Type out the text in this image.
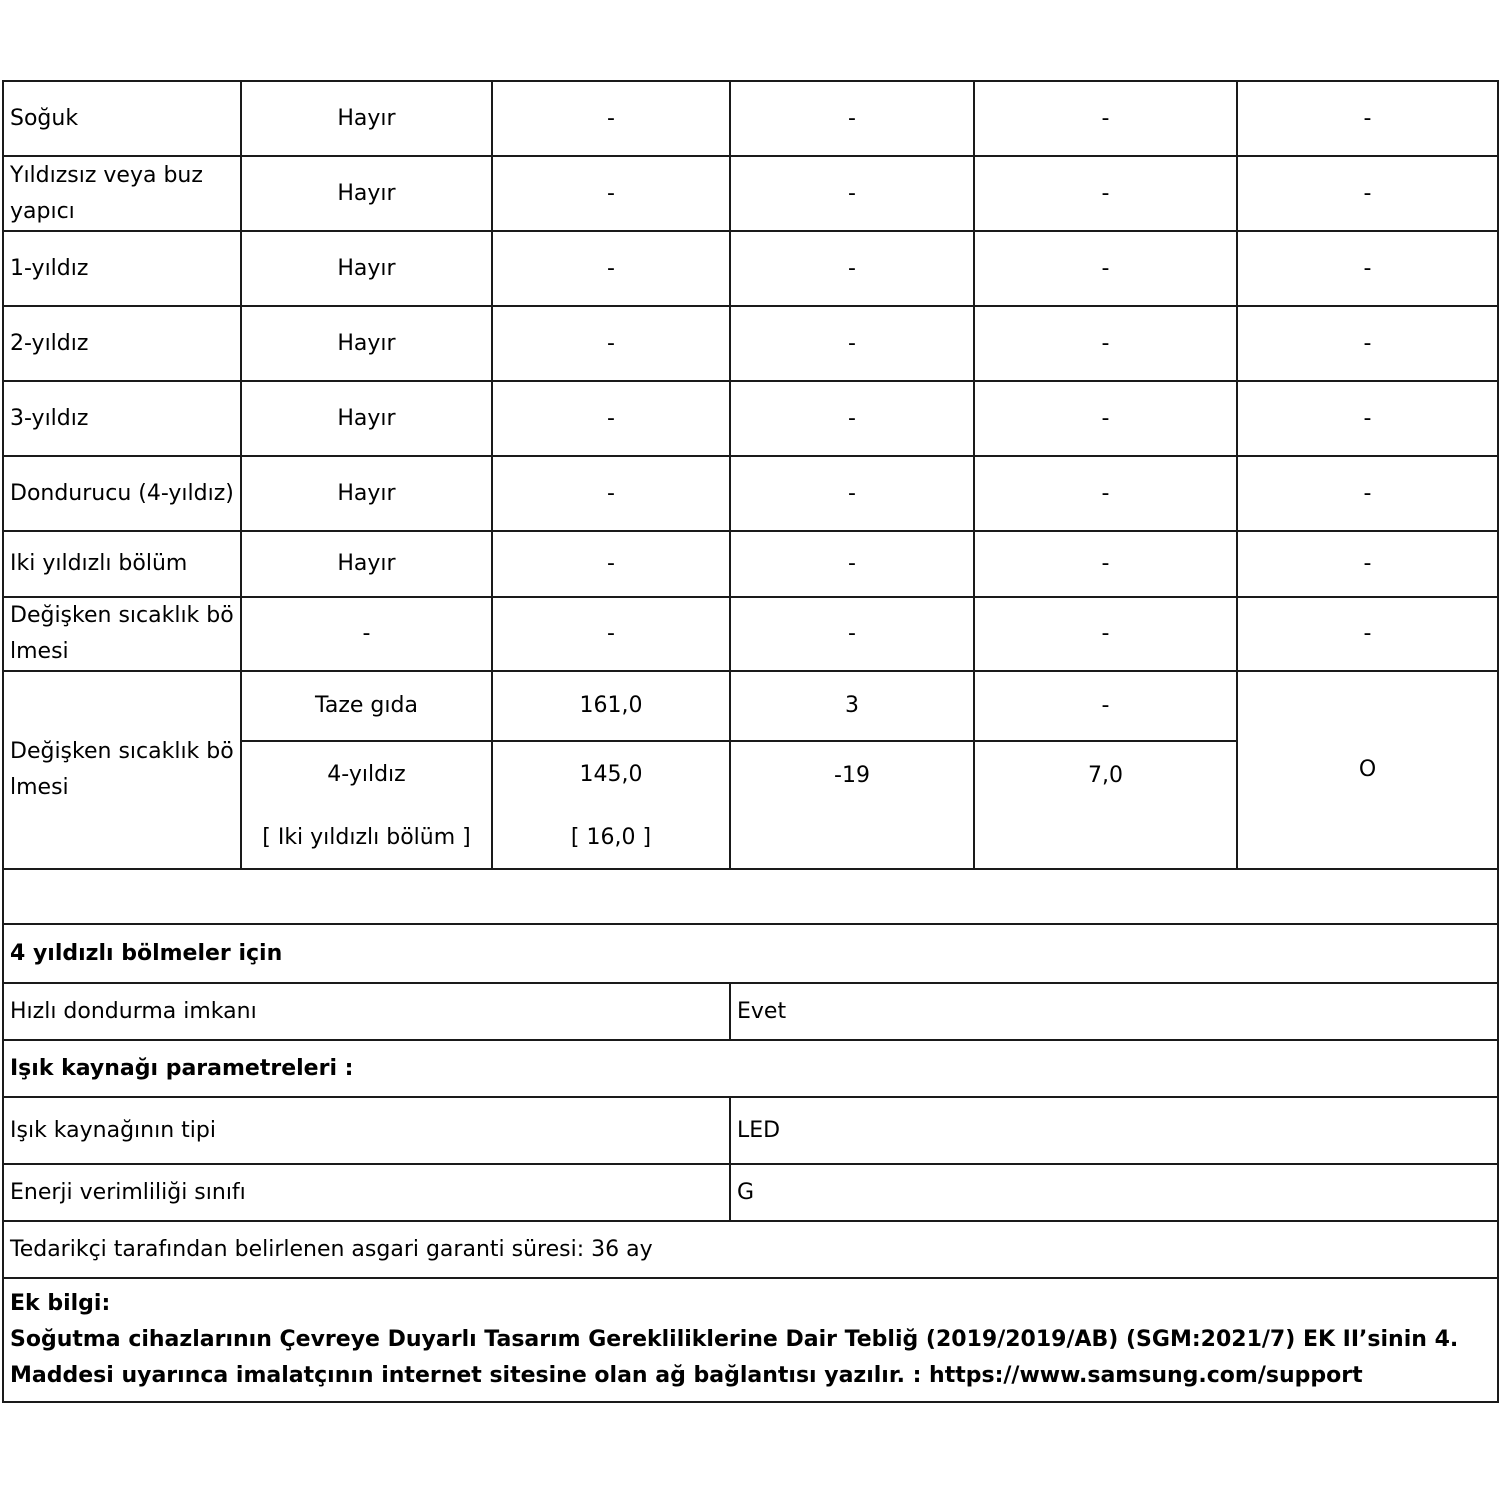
Soğuk	Hayır	-	-	-	-
Yıldızsız veya buz yapıcı	Hayır	-	-	-	-
1-yıldız	Hayır	-	-	-	-
2-yıldız	Hayır	-	-	-	-
3-yıldız	Hayır	-	-	-	-
Dondurucu (4-yıldız)	Hayır	-	-	-	-
Iki yıldızlı bölüm	Hayır	-	-	-	-
Değişken sıcaklık bö lmesi	-	-	-	-	-
Değişken sıcaklık bö lmesi	Taze gıda	161,0	3	-	O
	4-yıldız	145,0	-19	7,0	
	[ Iki yıldızlı bölüm ]	[ 16,0 ]			

4 yıldızlı bölmeler için					
Hızlı dondurma imkanı			Evet		
Işık kaynağı parametreleri :					
Işık kaynağının tipi			LED		
Enerji verimliliği sınıfı			G		
Tedarikçi tarafından belirlenen asgari garanti süresi: 36 ay					

Ek bilgi:
Soğutma cihazlarının Çevreye Duyarlı Tasarım Gerekliliklerine Dair Tebliğ (2019/2019/AB) (SGM:2021/7) EK II’sinin 4. Maddesi uyarınca imalatçının internet sitesine olan ağ bağlantısı yazılır. : https://www.samsung.com/support					
